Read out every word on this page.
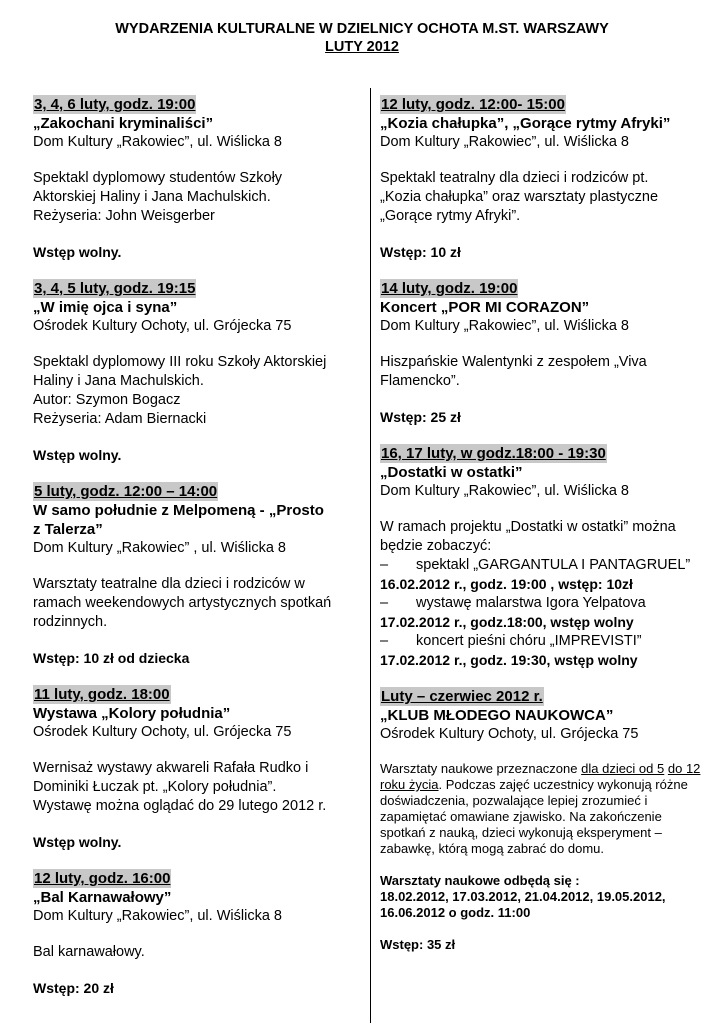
WYDARZENIA KULTURALNE W DZIELNICY OCHOTA M.ST. WARSZAWY
LUTY 2012
3, 4, 6 luty, godz. 19:00
„Zakochani kryminaliści”
Dom Kultury „Rakowiec”, ul. Wiślicka 8
Spektakl dyplomowy studentów Szkoły
Aktorskiej Haliny i Jana Machulskich.
Reżyseria: John Weisgerber
Wstęp wolny.
3, 4, 5 luty, godz. 19:15
„W imię ojca i syna”
Ośrodek Kultury Ochoty, ul. Grójecka 75
Spektakl dyplomowy III roku Szkoły Aktorskiej
Haliny i Jana Machulskich.
Autor: Szymon Bogacz
Reżyseria: Adam Biernacki
Wstęp wolny.
5 luty, godz. 12:00 – 14:00
W samo południe z Melpomeną - „Prosto
z Talerza”
Dom Kultury „Rakowiec” , ul. Wiślicka 8
Warsztaty teatralne dla dzieci i rodziców w
ramach weekendowych artystycznych spotkań
rodzinnych.
Wstęp: 10 zł od dziecka
11 luty, godz. 18:00
Wystawa „Kolory południa”
Ośrodek Kultury Ochoty, ul. Grójecka 75
Wernisaż wystawy akwareli Rafała Rudko i
Dominiki Łuczak pt. „Kolory południa”.
Wystawę można oglądać do 29 lutego 2012 r.
Wstęp wolny.
12 luty, godz. 16:00
„Bal Karnawałowy”
Dom Kultury „Rakowiec”, ul. Wiślicka 8
Bal karnawałowy.
Wstęp: 20 zł
12 luty, godz. 12:00- 15:00
„Kozia chałupka”, „Gorące rytmy Afryki”
Dom Kultury „Rakowiec”, ul. Wiślicka 8
Spektakl teatralny dla dzieci i rodziców pt.
„Kozia chałupka” oraz warsztaty plastyczne
„Gorące rytmy Afryki”.
Wstęp: 10 zł
14 luty, godz. 19:00
Koncert „POR MI CORAZON”
Dom Kultury „Rakowiec”, ul. Wiślicka 8
Hiszpańskie Walentynki z zespołem „Viva
Flamencko”.
Wstęp: 25 zł
16, 17 luty, w godz.18:00 - 19:30
„Dostatki w ostatki”
Dom Kultury „Rakowiec”, ul. Wiślicka 8
W ramach projektu „Dostatki w ostatki” można
będzie zobaczyć:
– spektakl „GARGANTULA I PANTAGRUEL”
16.02.2012 r., godz. 19:00 , wstęp: 10zł
– wystawę malarstwa Igora Yelpatova
17.02.2012 r., godz.18:00, wstęp wolny
– koncert pieśni chóru „IMPREVISTI”
17.02.2012 r., godz. 19:30, wstęp wolny
Luty – czerwiec 2012 r.
„KLUB MŁODEGO NAUKOWCA”
Ośrodek Kultury Ochoty, ul. Grójecka 75
Warsztaty naukowe przeznaczone dla dzieci od 5 do 12 roku życia. Podczas zajęć uczestnicy wykonują różne doświadczenia, pozwalające lepiej zrozumieć i zapamiętać omawiane zjawisko. Na zakończenie spotkań z nauką, dzieci wykonują eksperyment – zabawkę, którą mogą zabrać do domu.
Warsztaty naukowe odbędą się :
18.02.2012, 17.03.2012, 21.04.2012, 19.05.2012,
16.06.2012 o godz. 11:00
Wstęp: 35 zł
